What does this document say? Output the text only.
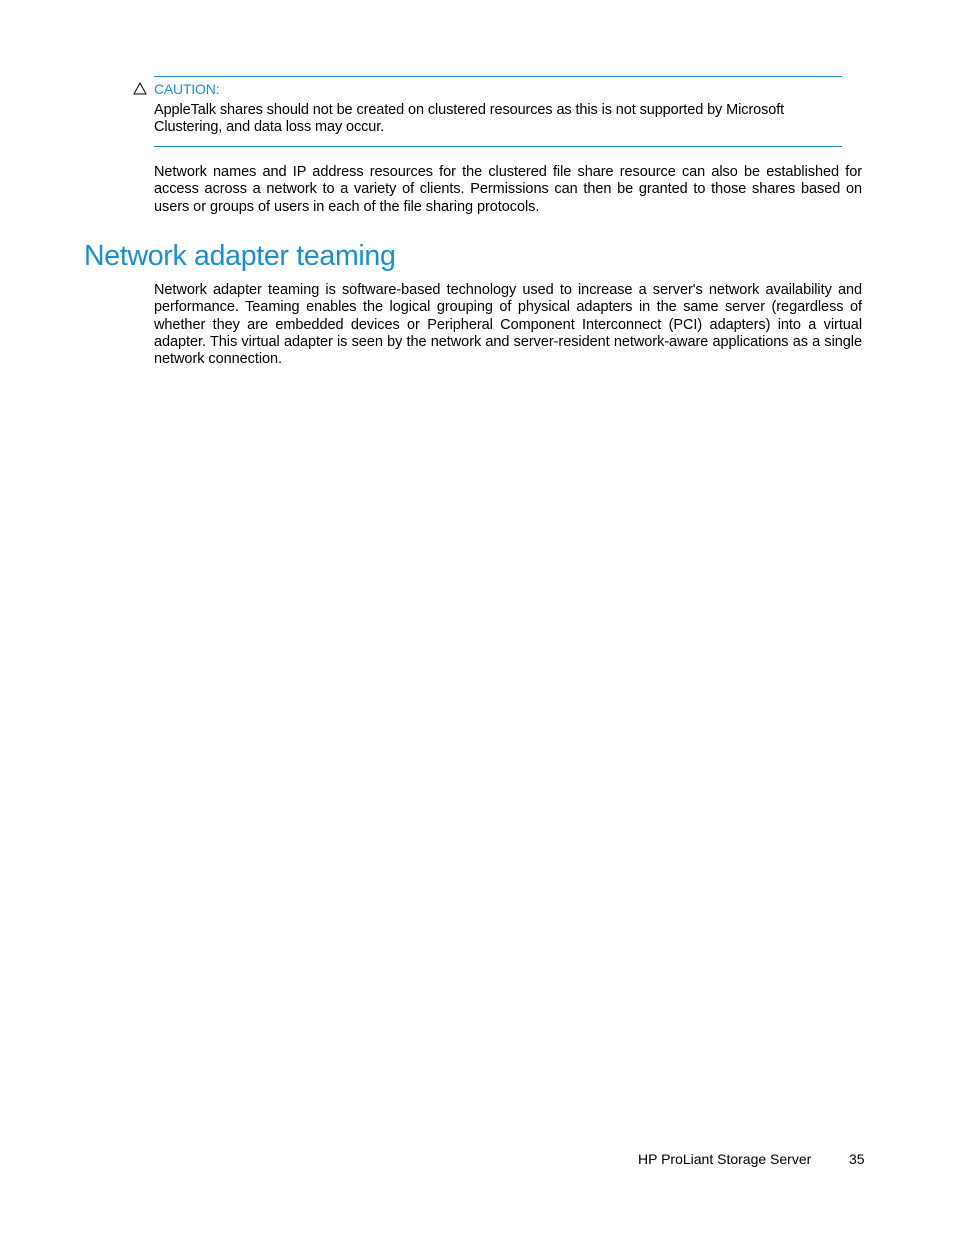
CAUTION:
AppleTalk shares should not be created on clustered resources as this is not supported by Microsoft Clustering, and data loss may occur.
Network names and IP address resources for the clustered file share resource can also be established for access across a network to a variety of clients. Permissions can then be granted to those shares based on users or groups of users in each of the file sharing protocols.
Network adapter teaming
Network adapter teaming is software-based technology used to increase a server's network availability and performance. Teaming enables the logical grouping of physical adapters in the same server (regardless of whether they are embedded devices or Peripheral Component Interconnect (PCI) adapters) into a virtual adapter. This virtual adapter is seen by the network and server-resident network-aware applications as a single network connection.
HP ProLiant Storage Server	35
